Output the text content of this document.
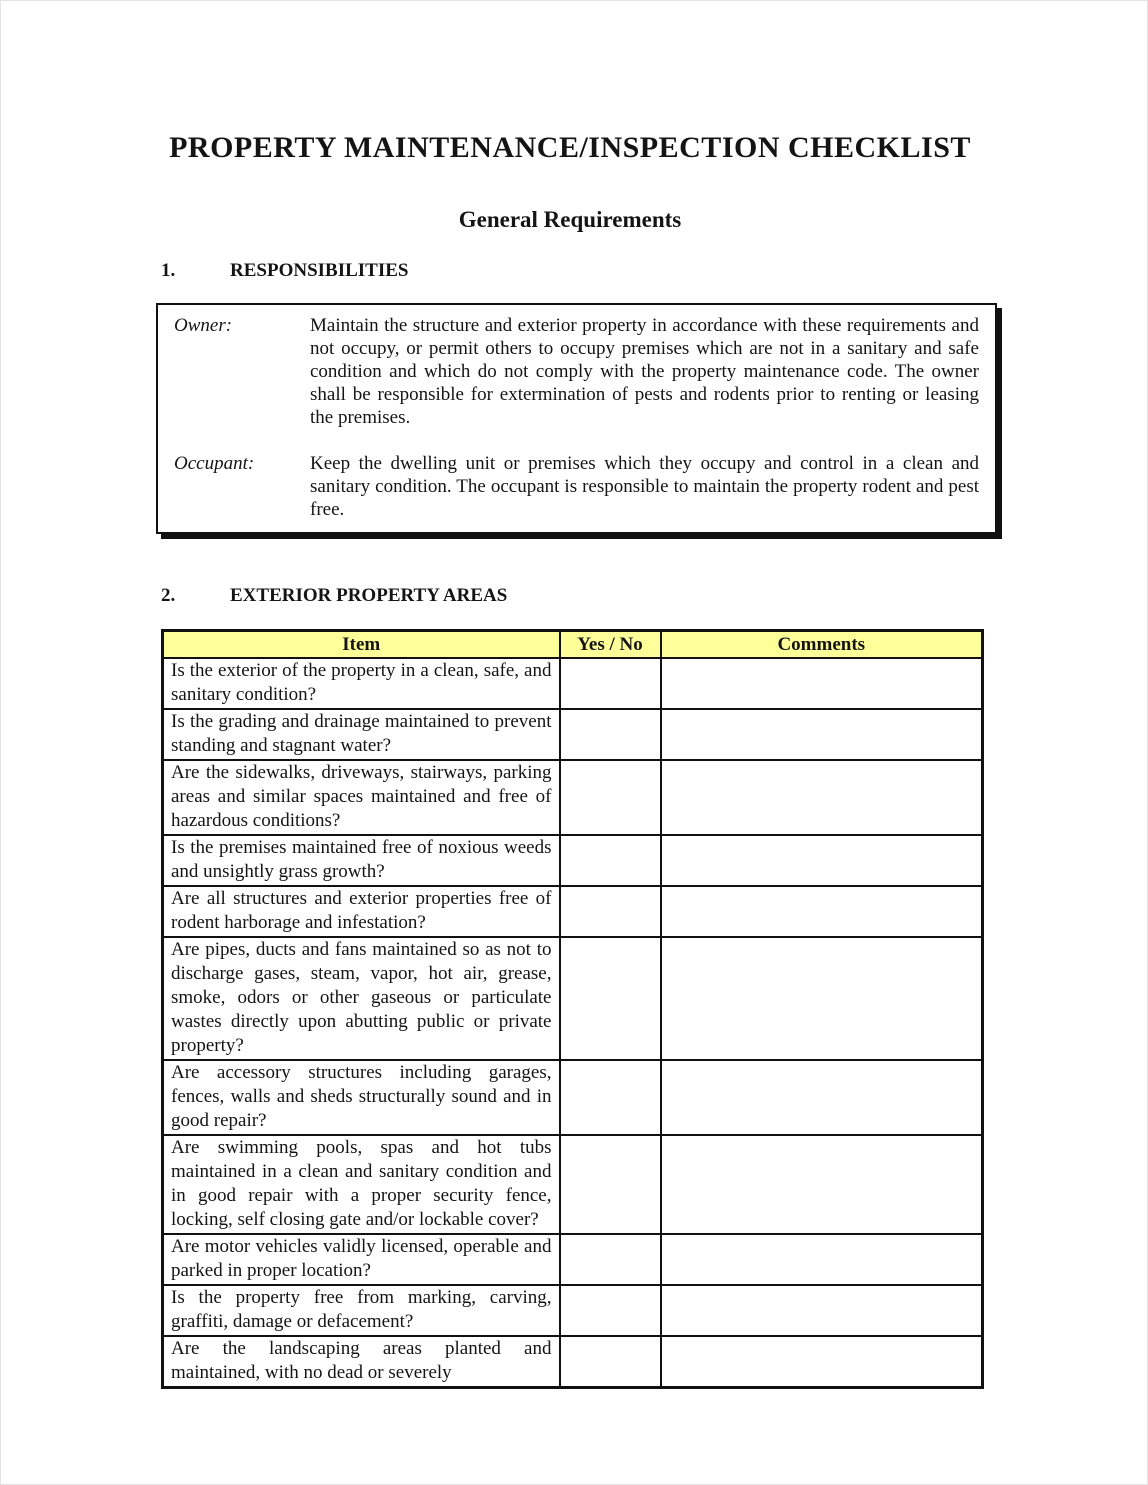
PROPERTY MAINTENANCE/INSPECTION CHECKLIST
General Requirements
1.	RESPONSIBILITIES
Owner:	Maintain the structure and exterior property in accordance with these requirements and not occupy, or permit others to occupy premises which are not in a sanitary and safe condition and which do not comply with the property maintenance code. The owner shall be responsible for extermination of pests and rodents prior to renting or leasing the premises.
Occupant:	Keep the dwelling unit or premises which they occupy and control in a clean and sanitary condition. The occupant is responsible to maintain the property rodent and pest free.
2.	EXTERIOR PROPERTY AREAS
Item	Yes / No	Comments
Is the exterior of the property in a clean, safe, and sanitary condition?		
Is the grading and drainage maintained to prevent standing and stagnant water?		
Are the sidewalks, driveways, stairways, parking areas and similar spaces maintained and free of hazardous conditions?		
Is the premises maintained free of noxious weeds and unsightly grass growth?		
Are all structures and exterior properties free of rodent harborage and infestation?		
Are pipes, ducts and fans maintained so as not to discharge gases, steam, vapor, hot air, grease, smoke, odors or other gaseous or particulate wastes directly upon abutting public or private property?		
Are accessory structures including garages, fences, walls and sheds structurally sound and in good repair?		
Are swimming pools, spas and hot tubs maintained in a clean and sanitary condition and in good repair with a proper security fence, locking, self closing gate and/or lockable cover?		
Are motor vehicles validly licensed, operable and parked in proper location?		
Is the property free from marking, carving, graffiti, damage or defacement?		
Are the landscaping areas planted and maintained, with no dead or severely		
